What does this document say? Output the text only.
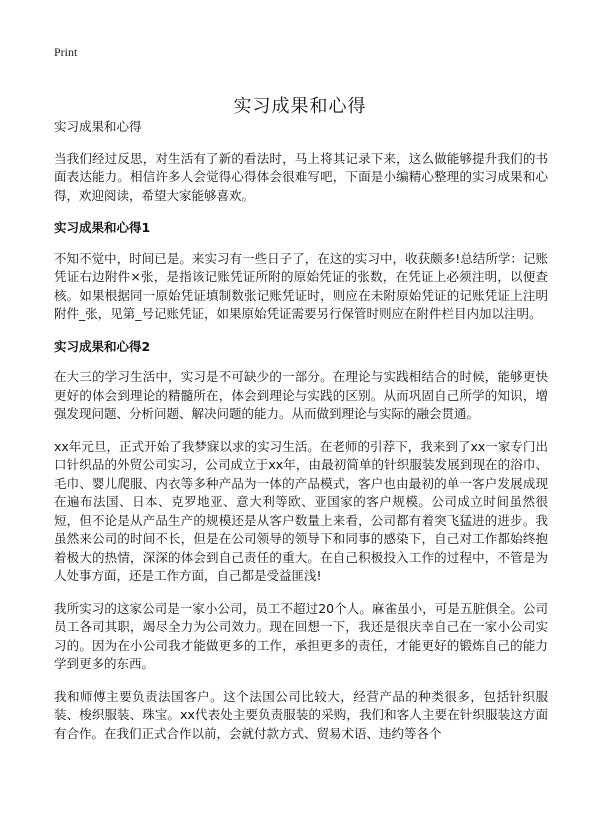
Print
实习成果和心得
实习成果和心得

当我们经过反思，对生活有了新的看法时，马上将其记录下来，这么做能够提升我们的书面表达能力。相信许多人会觉得心得体会很难写吧，下面是小编精心整理的实习成果和心得，欢迎阅读，希望大家能够喜欢。

实习成果和心得1

不知不觉中，时间已是。来实习有一些日子了，在这的实习中，收获颇多!总结所学：记账凭证右边附件×张，是指该记账凭证所附的原始凭证的张数，在凭证上必须注明，以便查核。如果根据同一原始凭证填制数张记账凭证时，则应在未附原始凭证的记账凭证上注明附件_张，见第_号记账凭证，如果原始凭证需要另行保管时则应在附件栏目内加以注明。

实习成果和心得2

在大三的学习生活中，实习是不可缺少的一部分。在理论与实践相结合的时候，能够更快更好的体会到理论的精髓所在，体会到理论与实践的区别。从而巩固自己所学的知识，增强发现问题、分析问题、解决问题的能力。从而做到理论与实际的融会贯通。

xx年元旦，正式开始了我梦寐以求的实习生活。在老师的引荐下，我来到了xx一家专门出口针织品的外贸公司实习，公司成立于xx年，由最初简单的针织服装发展到现在的浴巾、毛巾、婴儿爬服、内衣等多种产品为一体的产品模式，客户也由最初的单一客户发展成现在遍布法国、日本、克罗地亚、意大利等欧、亚国家的客户规模。公司成立时间虽然很短，但不论是从产品生产的规模还是从客户数量上来看，公司都有着突飞猛进的进步。我虽然来公司的时间不长，但是在公司领导的领导下和同事的感染下，自己对工作都始终抱着极大的热情，深深的体会到自己责任的重大。在自己积极投入工作的过程中，不管是为人处事方面，还是工作方面，自己都是受益匪浅!

我所实习的这家公司是一家小公司，员工不超过20个人。麻雀虽小，可是五脏俱全。公司员工各司其职，竭尽全力为公司效力。现在回想一下，我还是很庆幸自己在一家小公司实习的。因为在小公司我才能做更多的工作，承担更多的责任，才能更好的锻炼自己的能力学到更多的东西。

我和师傅主要负责法国客户。这个法国公司比较大，经营产品的种类很多，包括针织服装、梭织服装、珠宝。xx代表处主要负责服装的采购，我们和客人主要在针织服装这方面有合作。在我们正式合作以前，会就付款方式、贸易术语、违约等各个
